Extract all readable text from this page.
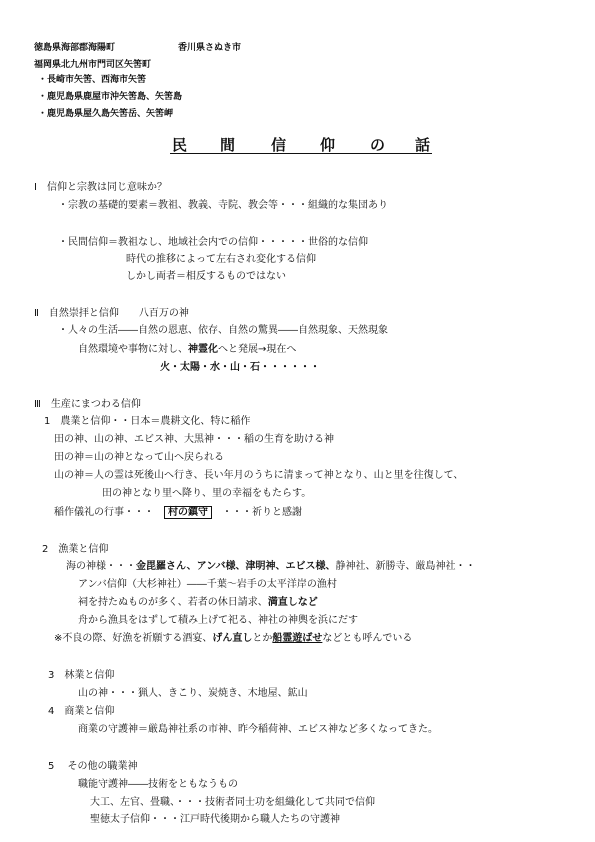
徳島県海部郡海陽町	香川県さぬき市
福岡県北九州市門司区矢筈町
・長崎市矢筈、西海市矢筈
・鹿児島県鹿屋市沖矢筈島、矢筈島
・鹿児島県屋久島矢筈岳、矢筈岬
民 間 信 仰 の 話
Ⅰ　信仰と宗教は同じ意味か？
・宗教の基礎的要素＝教祖、教義、寺院、教会等・・・組織的な集団あり
・民間信仰＝教祖なし、地域社会内での信仰・・・・・世俗的な信仰
時代の推移によって左右され変化する信仰
しかし両者＝相反するものではない
Ⅱ　自然崇拝と信仰　　八百万の神
・人々の生活――自然の恩恵、依存、自然の驚異――自然現象、天然現象
自然環境や事物に対し、神霊化へと発展→現在へ
火・太陽・水・山・石・・・・・・
Ⅲ　生産にまつわる信仰
1　農業と信仰・・日本＝農耕文化、特に稲作
田の神、山の神、エビス神、大黒神・・・稲の生育を助ける神
田の神＝山の神となって山へ戻られる
山の神＝人の霊は死後山へ行き、長い年月のうちに清まって神となり、山と里を往復して、
田の神となり里へ降り、里の幸福をもたらす。
稲作儀礼の行事・・・　 村の鎮守　 ・・・祈りと感謝
2　漁業と信仰
海の神様・・・金毘羅さん、アンバ様、津明神、エビス様、静神社、新勝寺、厳島神社・・
アンバ信仰（大杉神社）――千葉～岩手の太平洋岸の漁村
祠を持たぬものが多く、若者の休日請求、満直しなど
舟から漁具をはずして積み上げて祀る、神社の神輿を浜にだす
※不良の際、好漁を祈願する酒宴、げん直しとか船霊遊ばせなどとも呼んでいる
3　林業と信仰
山の神・・・猟人、きこり、炭焼き、木地屋、鉱山
4　商業と信仰
商業の守護神＝厳島神社系の市神、昨今稲荷神、エビス神など多くなってきた。
5　 その他の職業神
職能守護神――技術をともなうもの
大工、左官、畳職、・・・技術者同士功を組織化して共同で信仰
聖徳太子信仰・・・江戸時代後期から職人たちの守護神
